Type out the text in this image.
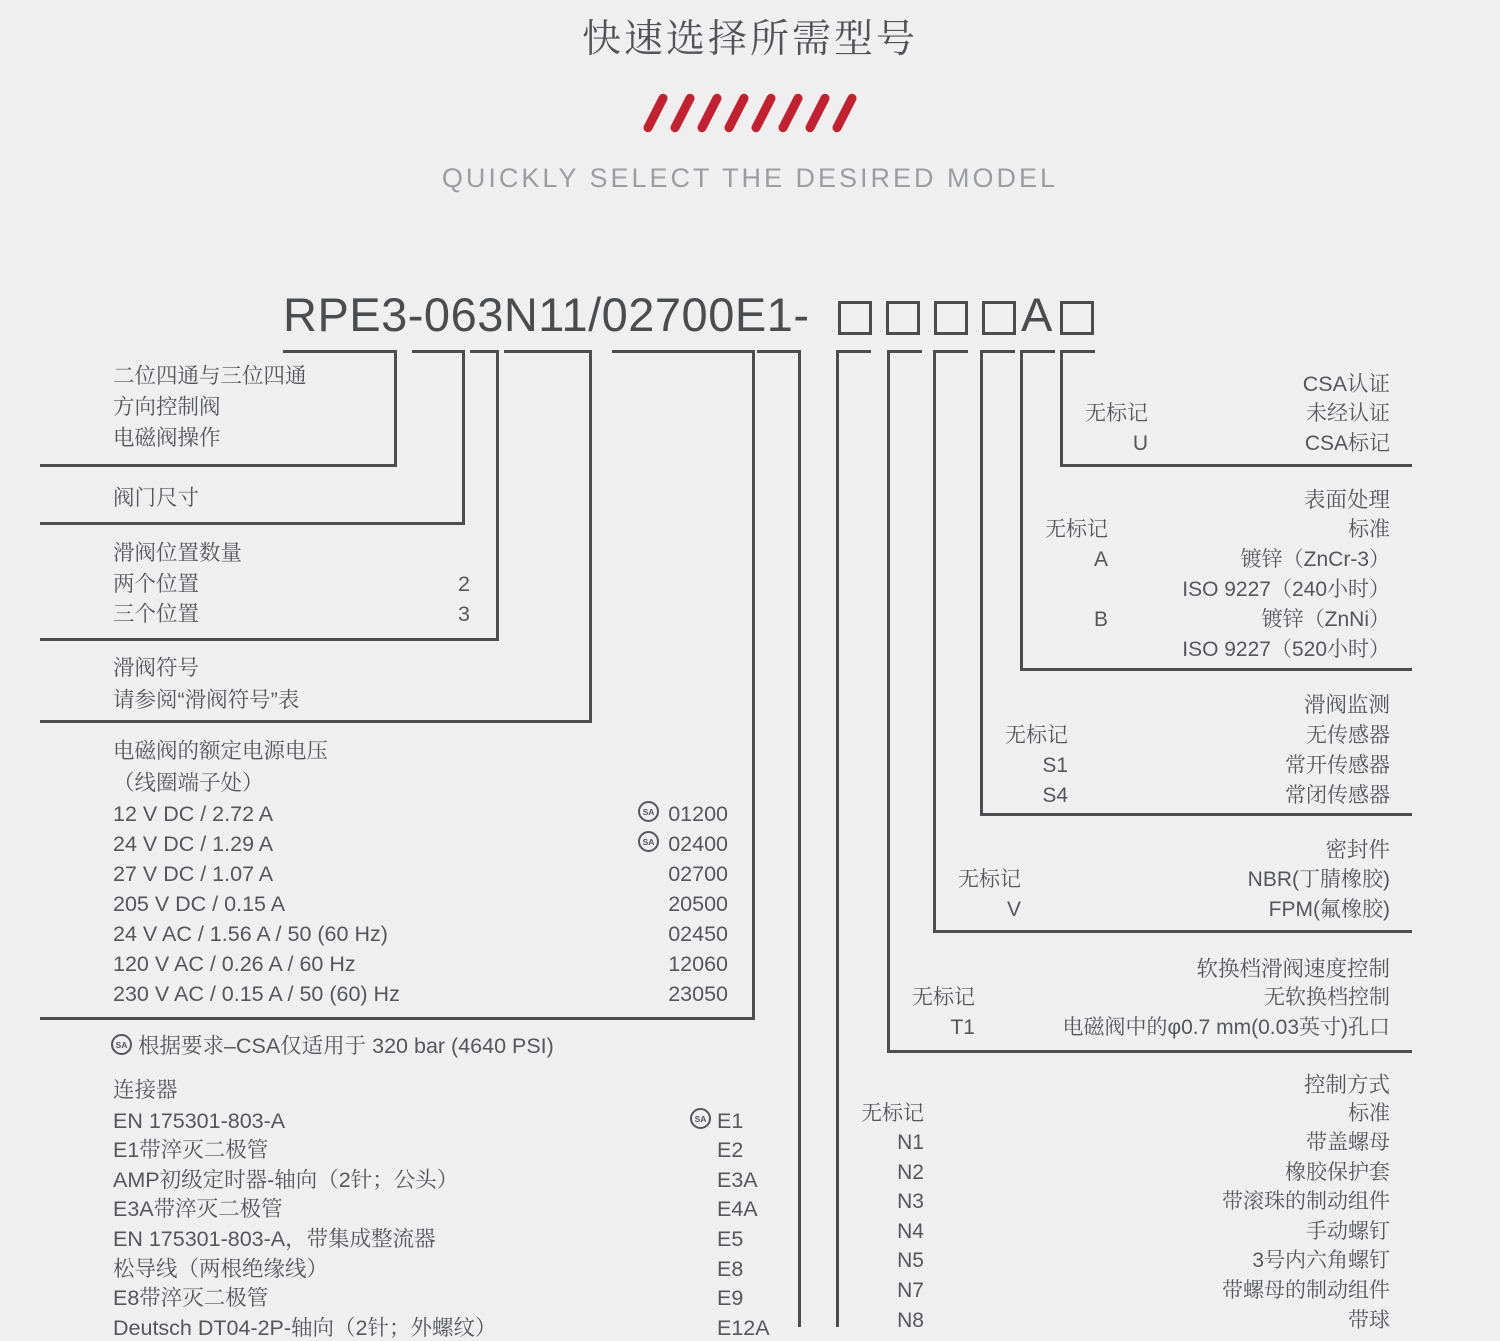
快速选择所需型号
QUICKLY SELECT THE DESIRED MODEL
RPE3-063N11/02700E1-	A
二位四通与三位四通
方向控制阀
电磁阀操作
阀门尺寸
滑阀位置数量
两个位置	2
三个位置	3
滑阀符号
请参阅“滑阀符号”表
电磁阀的额定电源电压
（线圈端子处）
12 V DC / 2.72 A	SA 01200
24 V DC / 1.29 A	SA 02400
27 V DC / 1.07 A	02700
205 V DC / 0.15 A	20500
24 V AC / 1.56 A / 50 (60 Hz)	02450
120 V AC / 0.26 A / 60 Hz	12060
230 V AC / 0.15 A / 50 (60) Hz	23050
SA 根据要求–CSA仅适用于 320 bar (4640 PSI)
连接器
EN 175301-803-A	SA E1
E1带淬灭二极管	E2
AMP初级定时器-轴向（2针；公头）	E3A
E3A带淬灭二极管	E4A
EN 175301-803-A，带集成整流器	E5
松导线（两根绝缘线）	E8
E8带淬灭二极管	E9
Deutsch DT04-2P-轴向（2针；外螺纹）	E12A
CSA认证
无标记	未经认证
U	CSA标记
表面处理
无标记	标准
A	镀锌（ZnCr-3）
ISO 9227（240小时）
B	镀锌（ZnNi）
ISO 9227（520小时）
滑阀监测
无标记	无传感器
S1	常开传感器
S4	常闭传感器
密封件
无标记	NBR(丁腈橡胶)
V	FPM(氟橡胶)
软换档滑阀速度控制
无标记	无软换档控制
T1	电磁阀中的φ0.7 mm(0.03英寸)孔口
控制方式
无标记	标准
N1	带盖螺母
N2	橡胶保护套
N3	带滚珠的制动组件
N4	手动螺钉
N5	3号内六角螺钉
N7	带螺母的制动组件
N8	带球
